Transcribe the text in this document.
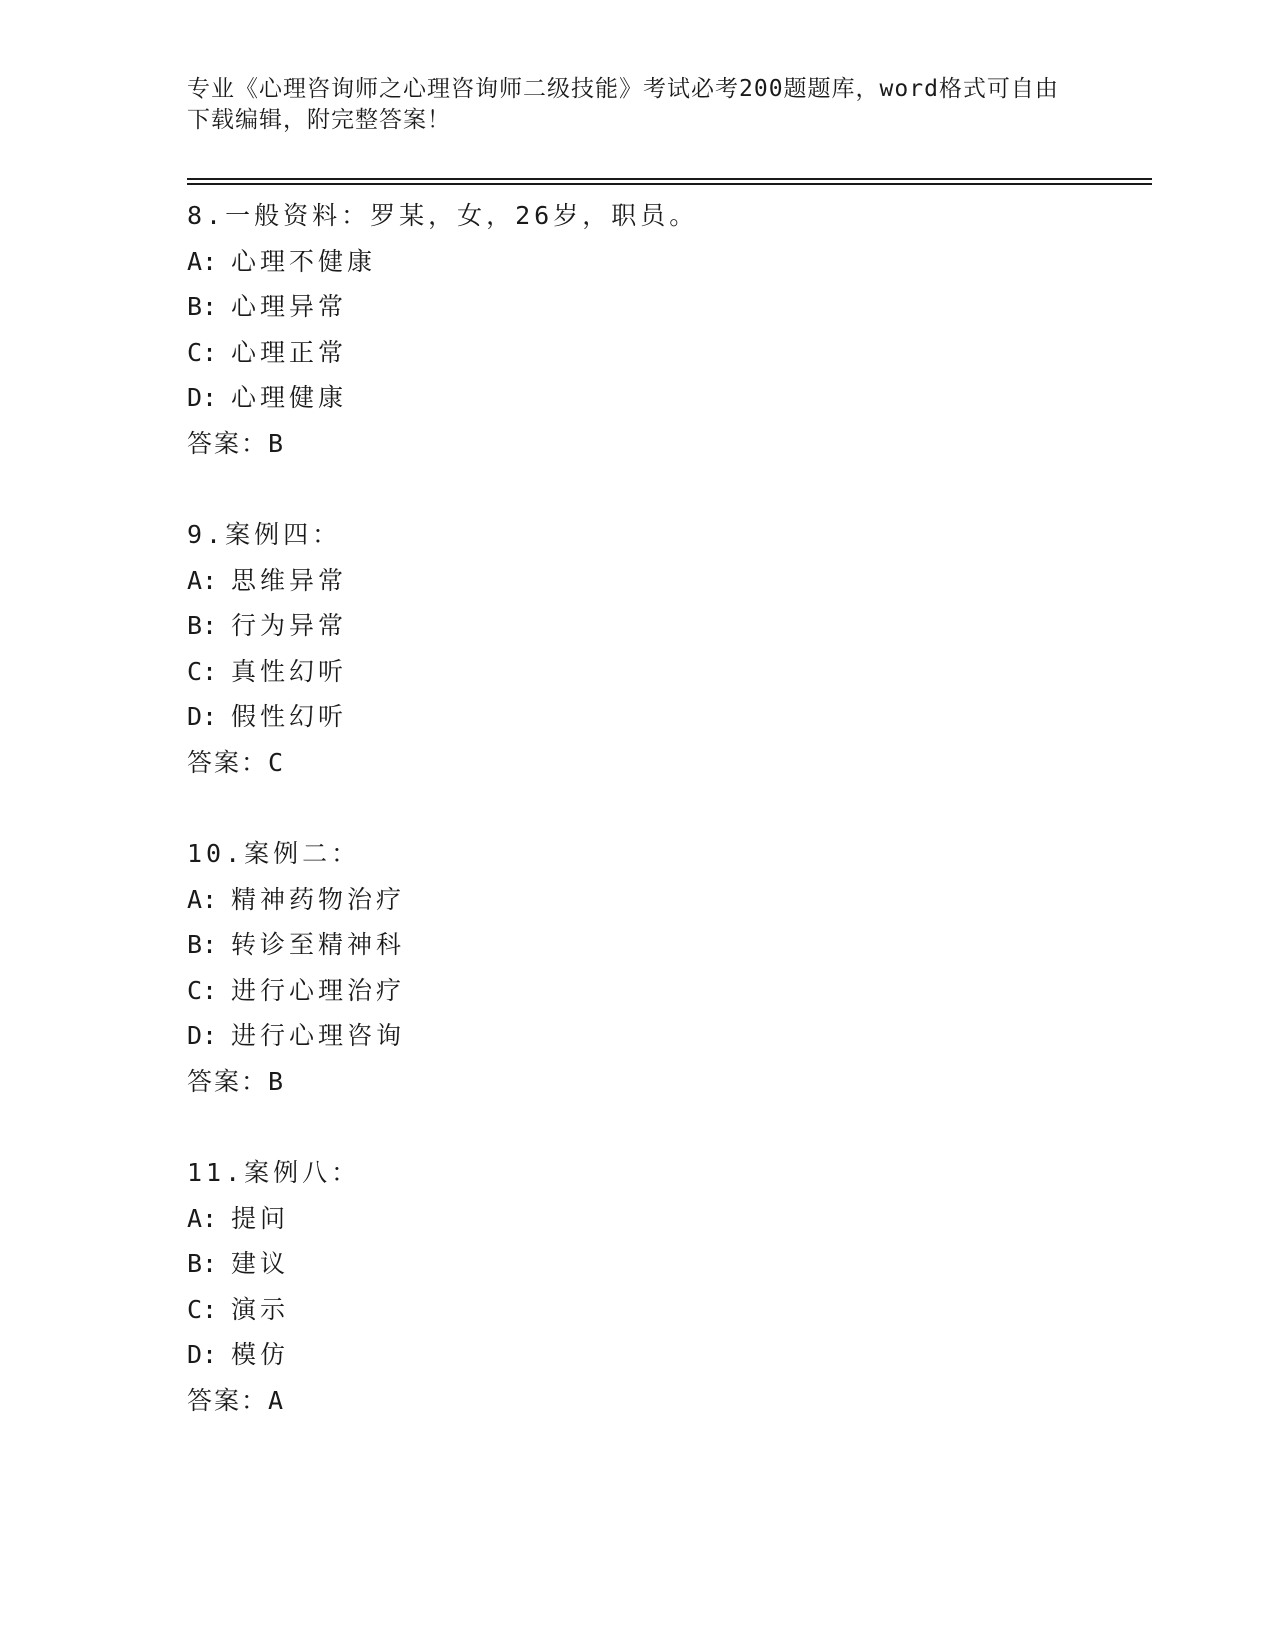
专业《心理咨询师之心理咨询师二级技能》考试必考200题题库，word格式可自由下载编辑，附完整答案！
8.一般资料：罗某，女，26岁，职员。
A: 心理不健康
B: 心理异常
C: 心理正常
D: 心理健康
答案：B
9.案例四：
A: 思维异常
B: 行为异常
C: 真性幻听
D: 假性幻听
答案：C
10.案例二：
A: 精神药物治疗
B: 转诊至精神科
C: 进行心理治疗
D: 进行心理咨询
答案：B
11.案例八：
A: 提问
B: 建议
C: 演示
D: 模仿
答案：A
